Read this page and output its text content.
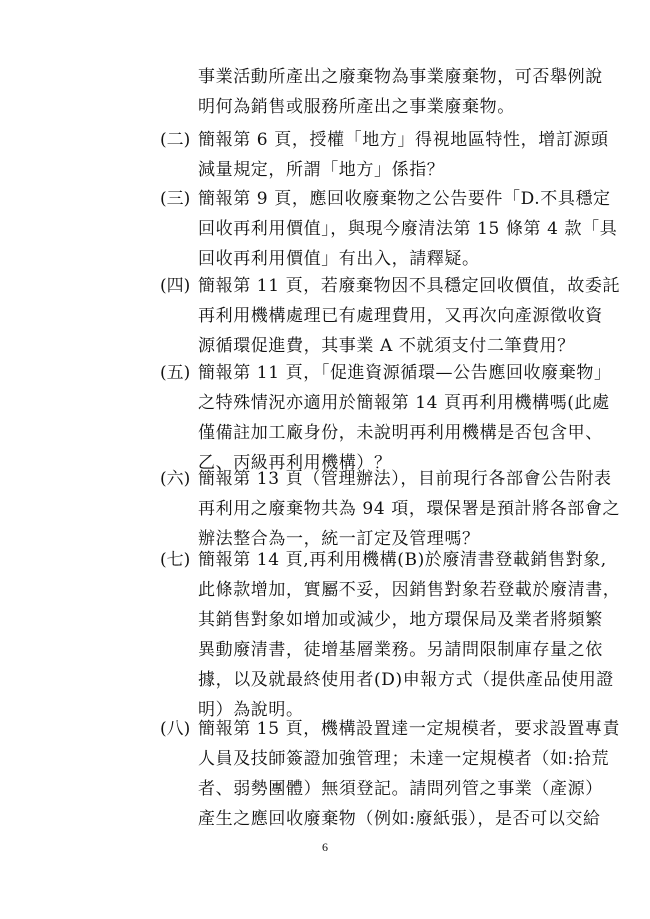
事業活動所產出之廢棄物為事業廢棄物，可否舉例說
明何為銷售或服務所產出之事業廢棄物。
(二) 簡報第 6 頁，授權「地方」得視地區特性，增訂源頭
減量規定，所謂「地方」係指？
(三) 簡報第 9 頁，應回收廢棄物之公告要件「D.不具穩定
回收再利用價值」，與現今廢清法第 15 條第 4 款「具
回收再利用價值」有出入，請釋疑。
(四) 簡報第 11 頁，若廢棄物因不具穩定回收價值，故委託
再利用機構處理已有處理費用，又再次向產源徵收資
源循環促進費，其事業 A 不就須支付二筆費用？
(五) 簡報第 11 頁，「促進資源循環—公告應回收廢棄物」
之特殊情況亦適用於簡報第 14 頁再利用機構嗎(此處
僅備註加工廠身份，未說明再利用機構是否包含甲、
乙、丙級再利用機構）？
(六) 簡報第 13 頁（管理辦法），目前現行各部會公告附表
再利用之廢棄物共為 94 項，環保署是預計將各部會之
辦法整合為一，統一訂定及管理嗎？
(七) 簡報第 14 頁,再利用機構(B)於廢清書登載銷售對象,
此條款增加，實屬不妥，因銷售對象若登載於廢清書，
其銷售對象如增加或減少，地方環保局及業者將頻繁
異動廢清書，徒增基層業務。另請問限制庫存量之依
據，以及就最終使用者(D)申報方式（提供產品使用證
明）為說明。
(八) 簡報第 15 頁，機構設置達一定規模者，要求設置專責
人員及技師簽證加強管理；未達一定規模者（如:拾荒
者、弱勢團體）無須登記。請問列管之事業（產源）
產生之應回收廢棄物（例如:廢紙張），是否可以交給
6
